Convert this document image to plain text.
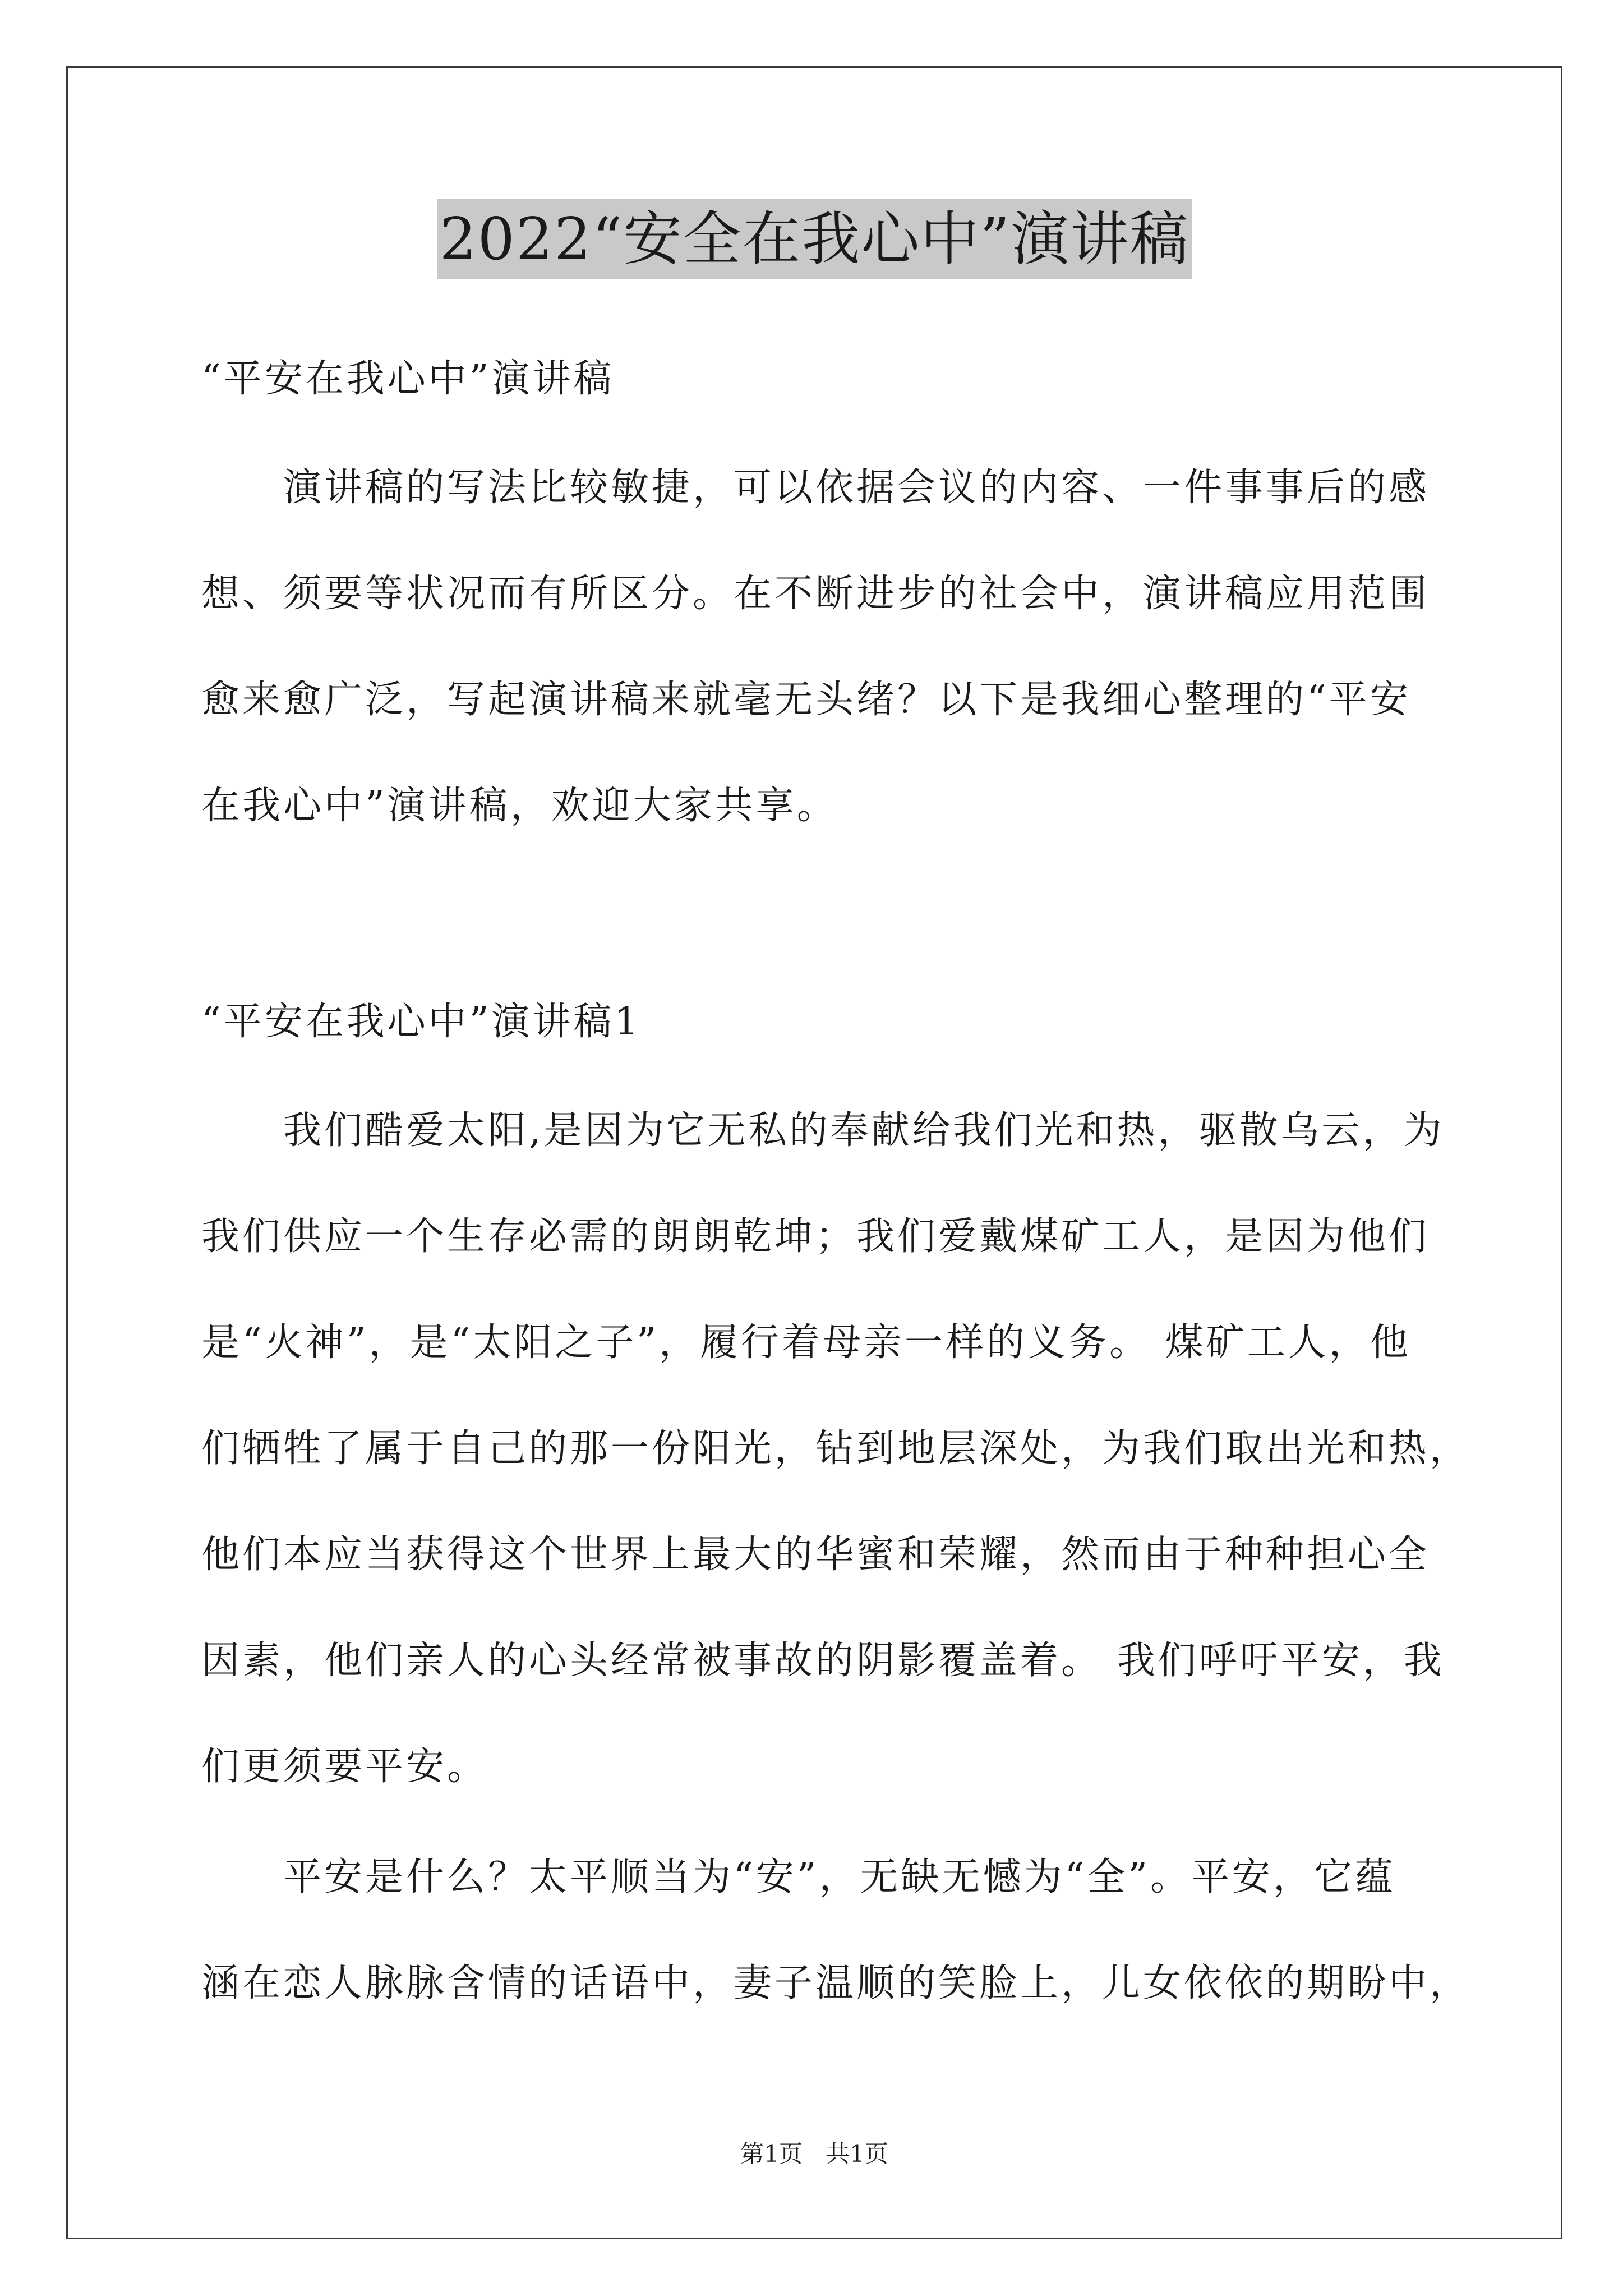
2022“安全在我心中”演讲稿
“平安在我心中”演讲稿
演讲稿的写法比较敏捷，可以依据会议的内容、一件事事后的感
想、须要等状况而有所区分。在不断进步的社会中，演讲稿应用范围
愈来愈广泛，写起演讲稿来就毫无头绪？以下是我细心整理的“平安
在我心中”演讲稿，欢迎大家共享。
“平安在我心中”演讲稿1
我们酷爱太阳,是因为它无私的奉献给我们光和热，驱散乌云，为
我们供应一个生存必需的朗朗乾坤；我们爱戴煤矿工人，是因为他们
是“火神”，是“太阳之子”，履行着母亲一样的义务。 煤矿工人，他
们牺牲了属于自己的那一份阳光，钻到地层深处，为我们取出光和热，
他们本应当获得这个世界上最大的华蜜和荣耀，然而由于种种担心全
因素，他们亲人的心头经常被事故的阴影覆盖着。 我们呼吁平安，我
们更须要平安。
平安是什么？太平顺当为“安”，无缺无憾为“全”。平安，它蕴
涵在恋人脉脉含情的话语中，妻子温顺的笑脸上，儿女依依的期盼中，
第1页　共1页
